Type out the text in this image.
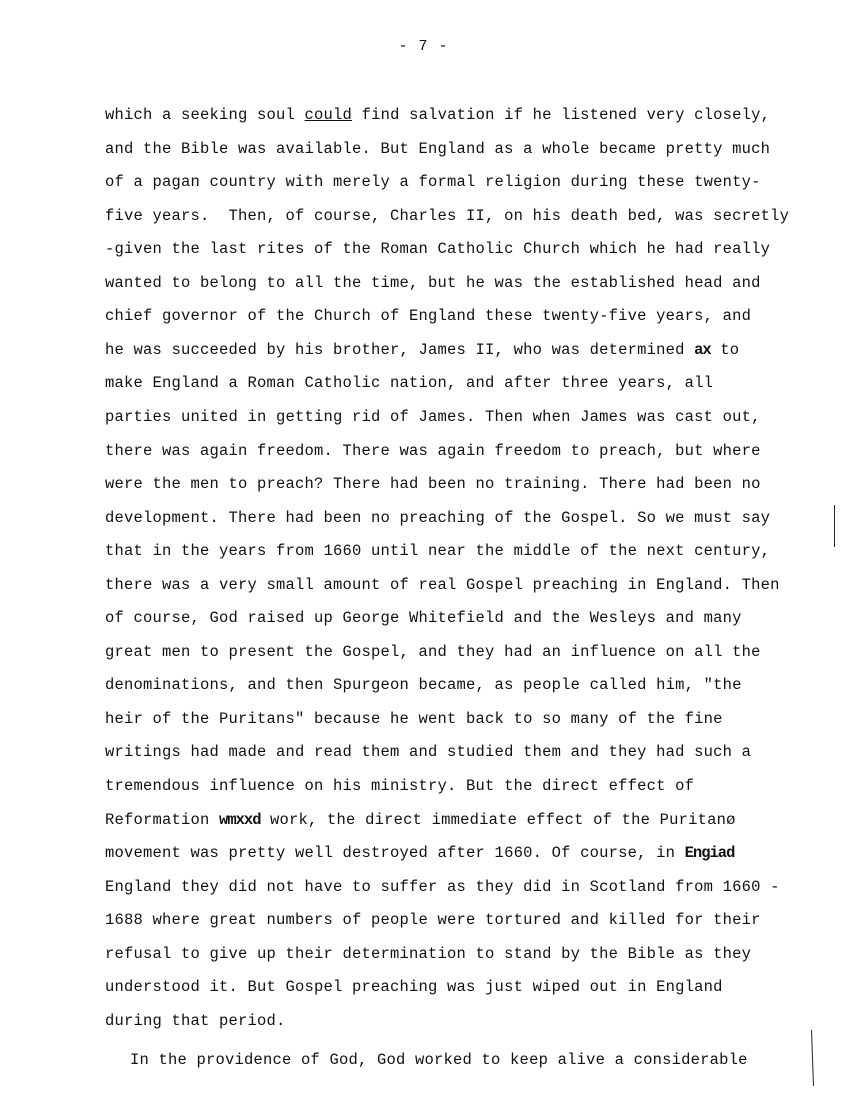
- 7 -
which a seeking soul could find salvation if he listened very closely,
and the Bible was available. But England as a whole became pretty much
of a pagan country with merely a formal religion during these twenty-
five years.  Then, of course, Charles II, on his death bed, was secretly
-given the last rites of the Roman Catholic Church which he had really
wanted to belong to all the time, but he was the established head and
chief governor of the Church of England these twenty-five years, and
he was succeeded by his brother, James II, who was determined ax to
make England a Roman Catholic nation, and after three years, all
parties united in getting rid of James. Then when James was cast out,
there was again freedom. There was again freedom to preach, but where
were the men to preach? There had been no training. There had been no
development. There had been no preaching of the Gospel. So we must say
that in the years from 1660 until near the middle of the next century,
there was a very small amount of real Gospel preaching in England. Then
of course, God raised up George Whitefield and the Wesleys and many
great men to present the Gospel, and they had an influence on all the
denominations, and then Spurgeon became, as people called him, "the
heir of the Puritans" because he went back to so many of the fine
writings had made and read them and studied them and they had such a
tremendous influence on his ministry. But the direct effect of
Reformation wmxxd work, the direct immediate effect of the Puritanø
movement was pretty well destroyed after 1660. Of course, in Engiad
England they did not have to suffer as they did in Scotland from 1660 -
1688 where great numbers of people were tortured and killed for their
refusal to give up their determination to stand by the Bible as they
understood it. But Gospel preaching was just wiped out in England
during that period.
In the providence of God, God worked to keep alive a considerable
